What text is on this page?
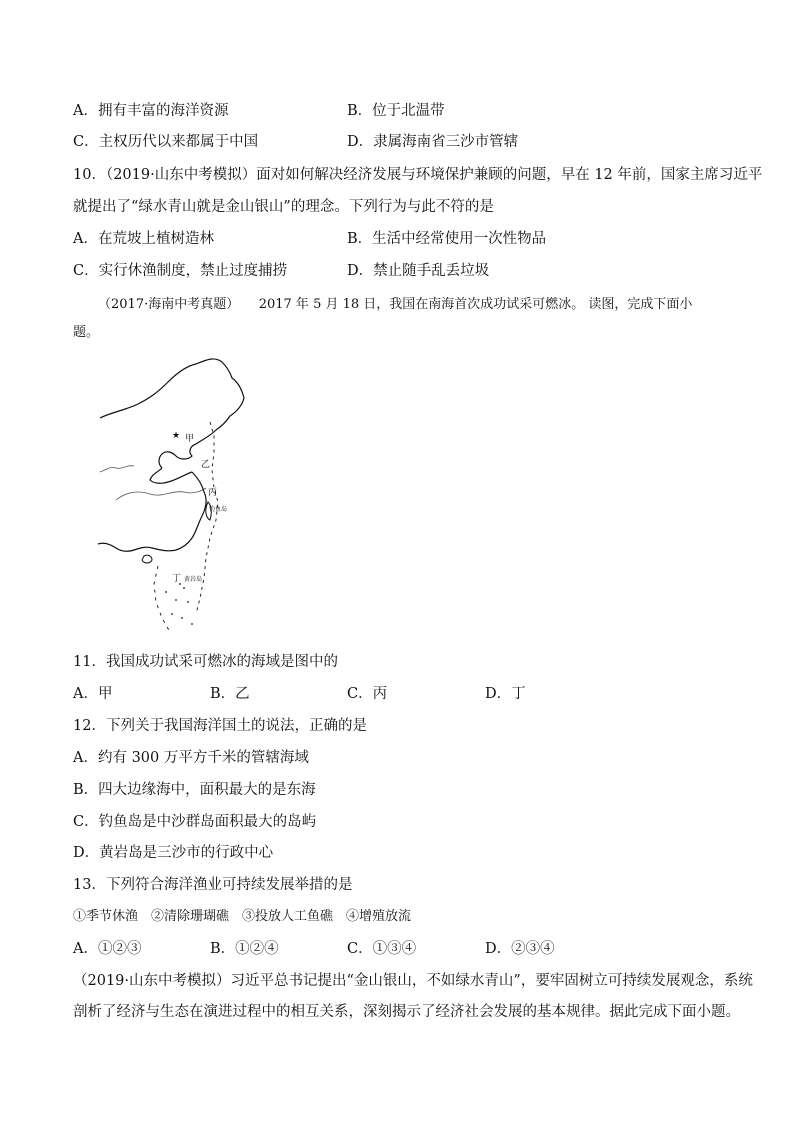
A．拥有丰富的海洋资源	B．位于北温带
C．主权历代以来都属于中国	D．隶属海南省三沙市管辖
10．（2019·山东中考模拟）面对如何解决经济发展与环境保护兼顾的问题，早在 12 年前，国家主席习近平
就提出了“绿水青山就是金山银山”的理念。下列行为与此不符的是
A．在荒坡上植树造林	B．生活中经常使用一次性物品
C．实行休渔制度，禁止过度捕捞	D．禁止随手乱丢垃圾
（2017·海南中考真题）　　2017 年 5 月 18 日，我国在南海首次成功试采可燃冰。 读图，完成下面小
题。
★ 甲
乙
丙
钓鱼岛
丁 黄岩岛
11．我国成功试采可燃冰的海域是图中的
A．甲	B．乙	C．丙	D．丁
12．下列关于我国海洋国土的说法，正确的是
A．约有 300 万平方千米的管辖海域
B．四大边缘海中，面积最大的是东海
C．钓鱼岛是中沙群岛面积最大的岛屿
D．黄岩岛是三沙市的行政中心
13．下列符合海洋渔业可持续发展举措的是
①季节休渔　②清除珊瑚礁　③投放人工鱼礁　④增殖放流
A．①②③	B．①②④	C．①③④	D．②③④
（2019·山东中考模拟）习近平总书记提出“金山银山，不如绿水青山”，要牢固树立可持续发展观念，系统
剖析了经济与生态在演进过程中的相互关系，深刻揭示了经济社会发展的基本规律。据此完成下面小题。
